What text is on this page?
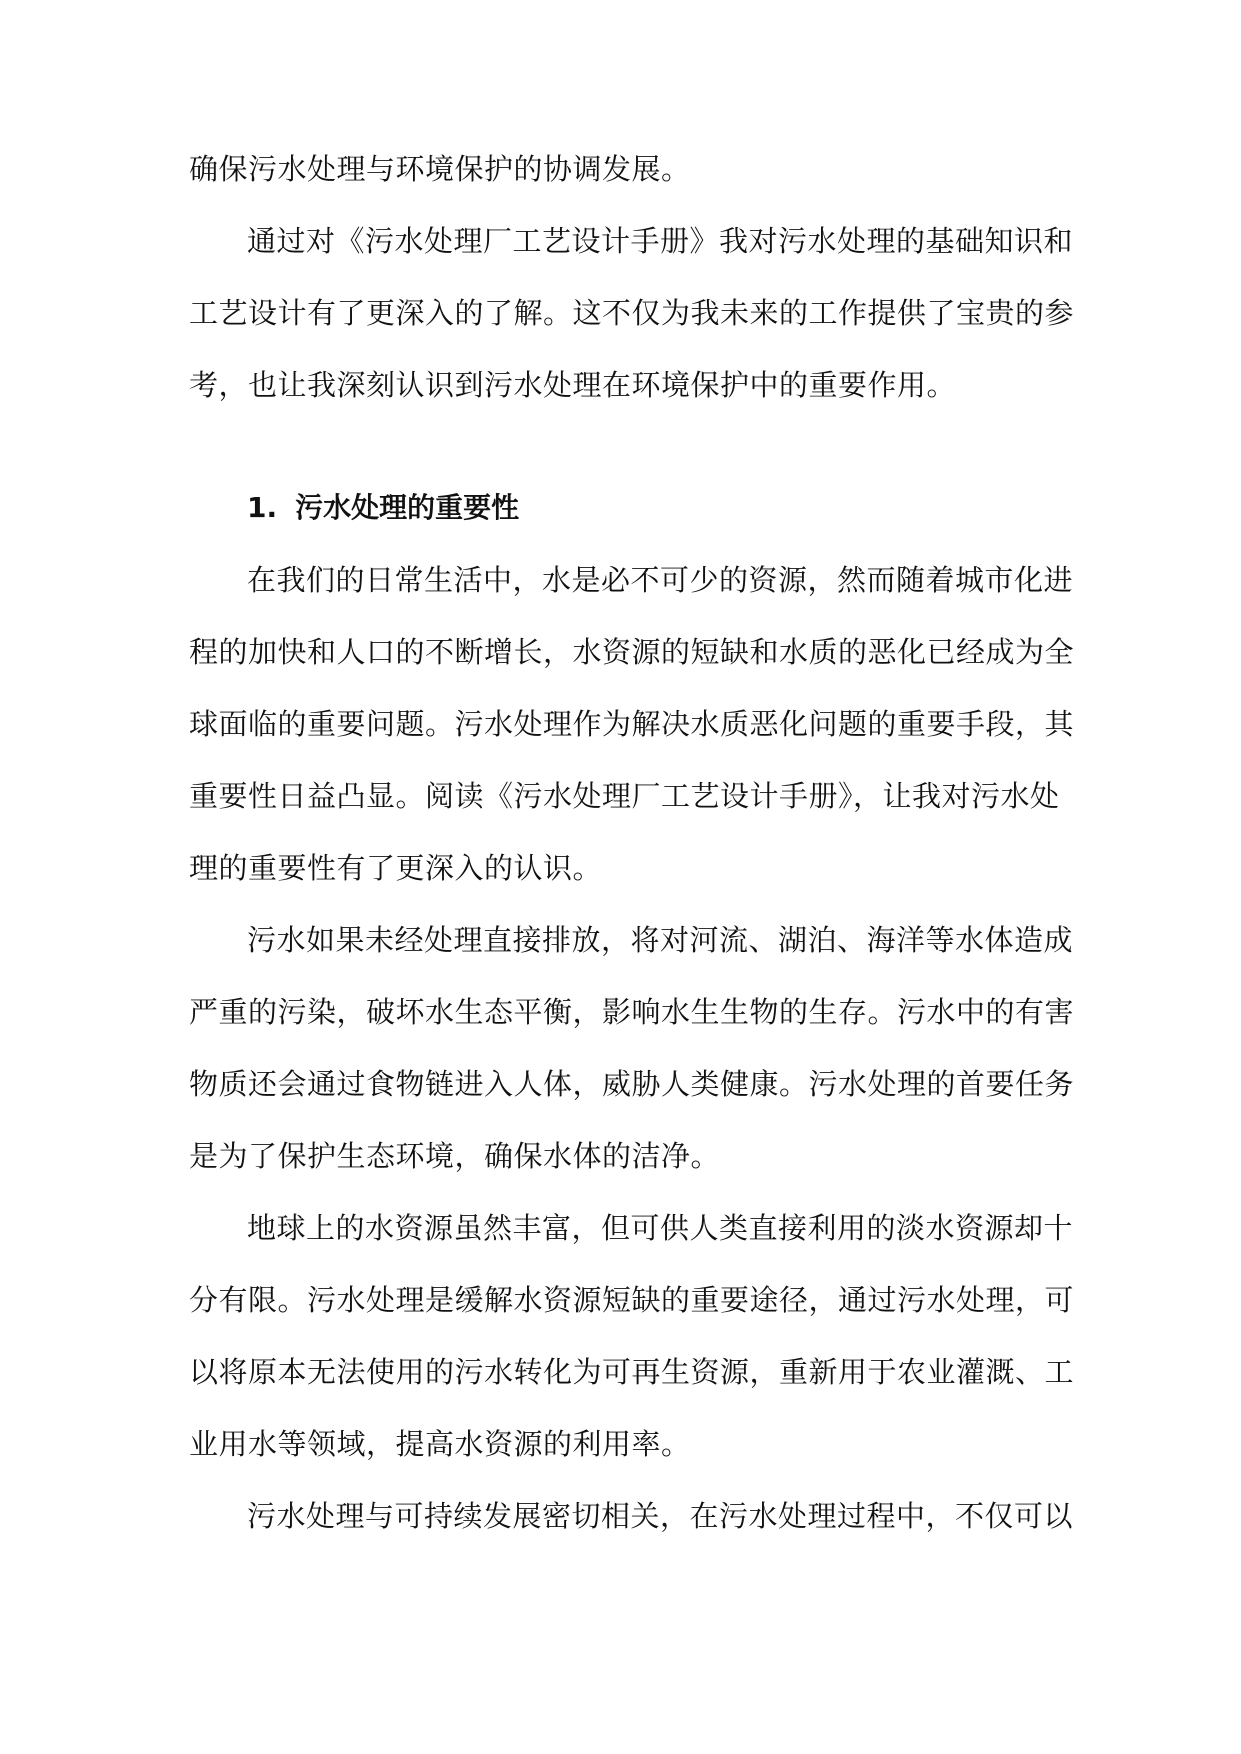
确保污水处理与环境保护的协调发展。
通过对《污水处理厂工艺设计手册》我对污水处理的基础知识和
工艺设计有了更深入的了解。这不仅为我未来的工作提供了宝贵的参
考，也让我深刻认识到污水处理在环境保护中的重要作用。
1. 污水处理的重要性
在我们的日常生活中，水是必不可少的资源，然而随着城市化进
程的加快和人口的不断增长，水资源的短缺和水质的恶化已经成为全
球面临的重要问题。污水处理作为解决水质恶化问题的重要手段，其
重要性日益凸显。阅读《污水处理厂工艺设计手册》，让我对污水处
理的重要性有了更深入的认识。
污水如果未经处理直接排放，将对河流、湖泊、海洋等水体造成
严重的污染，破坏水生态平衡，影响水生生物的生存。污水中的有害
物质还会通过食物链进入人体，威胁人类健康。污水处理的首要任务
是为了保护生态环境，确保水体的洁净。
地球上的水资源虽然丰富，但可供人类直接利用的淡水资源却十
分有限。污水处理是缓解水资源短缺的重要途径，通过污水处理，可
以将原本无法使用的污水转化为可再生资源，重新用于农业灌溉、工
业用水等领域，提高水资源的利用率。
污水处理与可持续发展密切相关，在污水处理过程中，不仅可以
